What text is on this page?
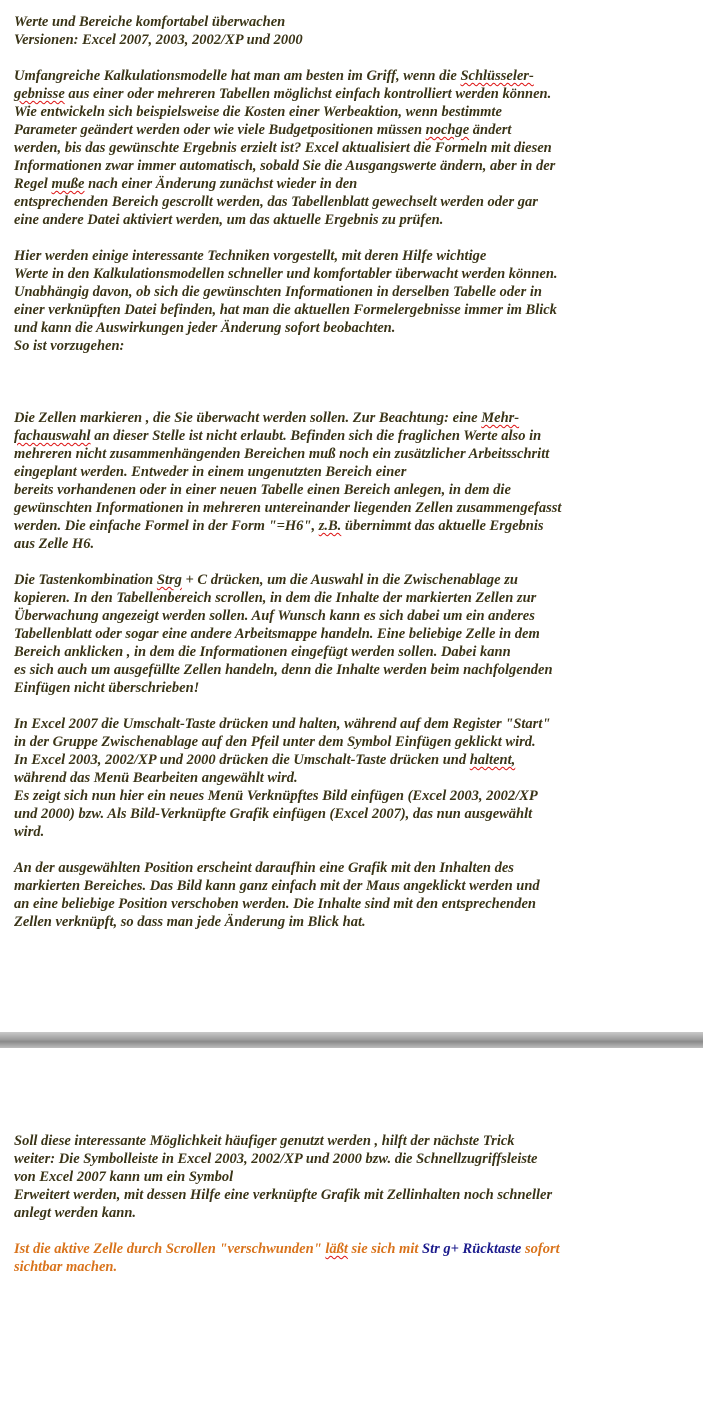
Werte und Bereiche komfortabel überwachen
Versionen: Excel 2007, 2003, 2002/XP und 2000
Umfangreiche Kalkulationsmodelle hat man am besten im Griff, wenn die Schlüsseler-
gebnisse aus einer oder mehreren Tabellen möglichst einfach kontrolliert werden können.
Wie entwickeln sich beispielsweise die Kosten einer Werbeaktion, wenn bestimmte
Parameter geändert werden oder wie viele Budgetpositionen müssen nochge ändert
werden, bis das gewünschte Ergebnis erzielt ist? Excel aktualisiert die Formeln mit diesen
Informationen zwar immer automatisch, sobald Sie die Ausgangswerte ändern, aber in der
Regel muße nach einer Änderung zunächst wieder in den
entsprechenden Bereich gescrollt werden, das Tabellenblatt gewechselt werden oder gar
eine andere Datei aktiviert werden, um das aktuelle Ergebnis zu prüfen.
Hier werden einige interessante Techniken vorgestellt, mit deren Hilfe wichtige
Werte in den Kalkulationsmodellen schneller und komfortabler überwacht werden können.
Unabhängig davon, ob sich die gewünschten Informationen in derselben Tabelle oder in
einer verknüpften Datei befinden, hat man die aktuellen Formelergebnisse immer im Blick
und kann die Auswirkungen jeder Änderung sofort beobachten.
So ist vorzugehen:
Die Zellen markieren , die Sie überwacht werden sollen. Zur Beachtung: eine Mehr-
fachauswahl an dieser Stelle ist nicht erlaubt. Befinden sich die fraglichen Werte also in
mehreren nicht zusammenhängenden Bereichen muß noch ein zusätzlicher Arbeitsschritt
eingeplant werden. Entweder in einem ungenutzten Bereich einer
bereits vorhandenen oder in einer neuen Tabelle einen Bereich anlegen, in dem die
gewünschten Informationen in mehreren untereinander liegenden Zellen zusammengefasst
werden. Die einfache Formel in der Form "=H6", z.B. übernimmt das aktuelle Ergebnis
aus Zelle H6.
Die Tastenkombination Strg + C drücken, um die Auswahl in die Zwischenablage zu
kopieren. In den Tabellenbereich scrollen, in dem die Inhalte der markierten Zellen zur
Überwachung angezeigt werden sollen. Auf Wunsch kann es sich dabei um ein anderes
Tabellenblatt oder sogar eine andere Arbeitsmappe handeln. Eine beliebige Zelle in dem
Bereich anklicken , in dem die Informationen eingefügt werden sollen. Dabei kann
es sich auch um ausgefüllte Zellen handeln, denn die Inhalte werden beim nachfolgenden
Einfügen nicht überschrieben!
In Excel 2007 die Umschalt-Taste drücken und halten, während auf dem Register "Start"
in der Gruppe Zwischenablage auf den Pfeil unter dem Symbol Einfügen geklickt wird.
In Excel 2003, 2002/XP und 2000 drücken die Umschalt-Taste drücken und haltent,
während das Menü Bearbeiten angewählt wird.
Es zeigt sich nun hier ein neues Menü Verknüpftes Bild einfügen (Excel 2003, 2002/XP
und 2000) bzw. Als Bild-Verknüpfte Grafik einfügen (Excel 2007), das nun ausgewählt
wird.
An der ausgewählten Position erscheint daraufhin eine Grafik mit den Inhalten des
markierten Bereiches. Das Bild kann ganz einfach mit der Maus angeklickt werden und
an eine beliebige Position verschoben werden. Die Inhalte sind mit den entsprechenden
Zellen verknüpft, so dass man jede Änderung im Blick hat.
Soll diese interessante Möglichkeit häufiger genutzt werden , hilft der nächste Trick
weiter: Die Symbolleiste in Excel 2003, 2002/XP und 2000 bzw. die Schnellzugriffsleiste
von Excel 2007 kann um ein Symbol
Erweitert werden, mit dessen Hilfe eine verknüpfte Grafik mit Zellinhalten noch schneller
anlegt werden kann.
Ist die aktive Zelle durch Scrollen "verschwunden" läßt sie sich mit Str g+ Rücktaste sofort
sichtbar machen.
